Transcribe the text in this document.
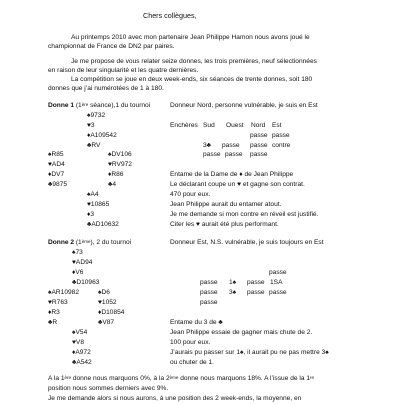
Chers collègues,
Au printemps 2010 avec mon partenaire Jean Philippe Hamon nous avons joué le
championnat de France de DN2 par paires.
Je me propose de vous relater seize donnes, les trois premières, neuf sélectionnées
en raison de leur singularité et les quatre dernières.
La compétition se joue en deux week-ends, six séances de trente donnes, soit 180
donnes que j’ai numérotées de 1 à 180.
Donne 1 (1ère séance),1 du tournoi	Donneur Nord, personne vulnérable, je suis en Est
♠9732
♥3
♦A109542
♣RV
♠R85
♥AD4
♦DV7
♣9875
♠DV106
♥RV972
♦R86
♣4
♠A4
♥10865
♦3
♣AD10632
Enchères Sud Ouest Nord Est
passe passe
3♣ passe passe contre
passe passe passe
Entame de la Dame de ♦ de Jean Philippe
Le déclarant coupe un ♥ et gagne son contrat.
470 pour eux.
Jean Philippe aurait du entamer atout.
Je me demande si mon contre en réveil est justifié.
Citer les ♥ aurait été plus performant.
Donne 2 (1ème), 2 du tournoi	Donneur Est, N.S. vulnérable, je suis toujours en Est
♠73
♥AD94
♦V6
♣D10963
♠AR10982
♥R763
♦R3
♣R
♠D6
♥1052
♦D10854
♣V87
♠V54
♥V8
♦A972
♣A542
passe
passe 1♠ passe 1SA
passe 3♠ passe passe
passe
Entame du 3 de ♣
Jean Philippe essaie de gagner mais chute de 2.
100 pour eux.
J’aurais pu passer sur 1♠, il aurait pu ne pas mettre 3♠
ou chuter de 1.
A la 1ère donne nous marquons 0%, à la 2ème donne nous marquons 18%. A l’issue de la 1re
position nous sommes derniers avec 9%.
Je me demande alors si nous aurons, à une position des 2 week-ends, la moyenne, en
